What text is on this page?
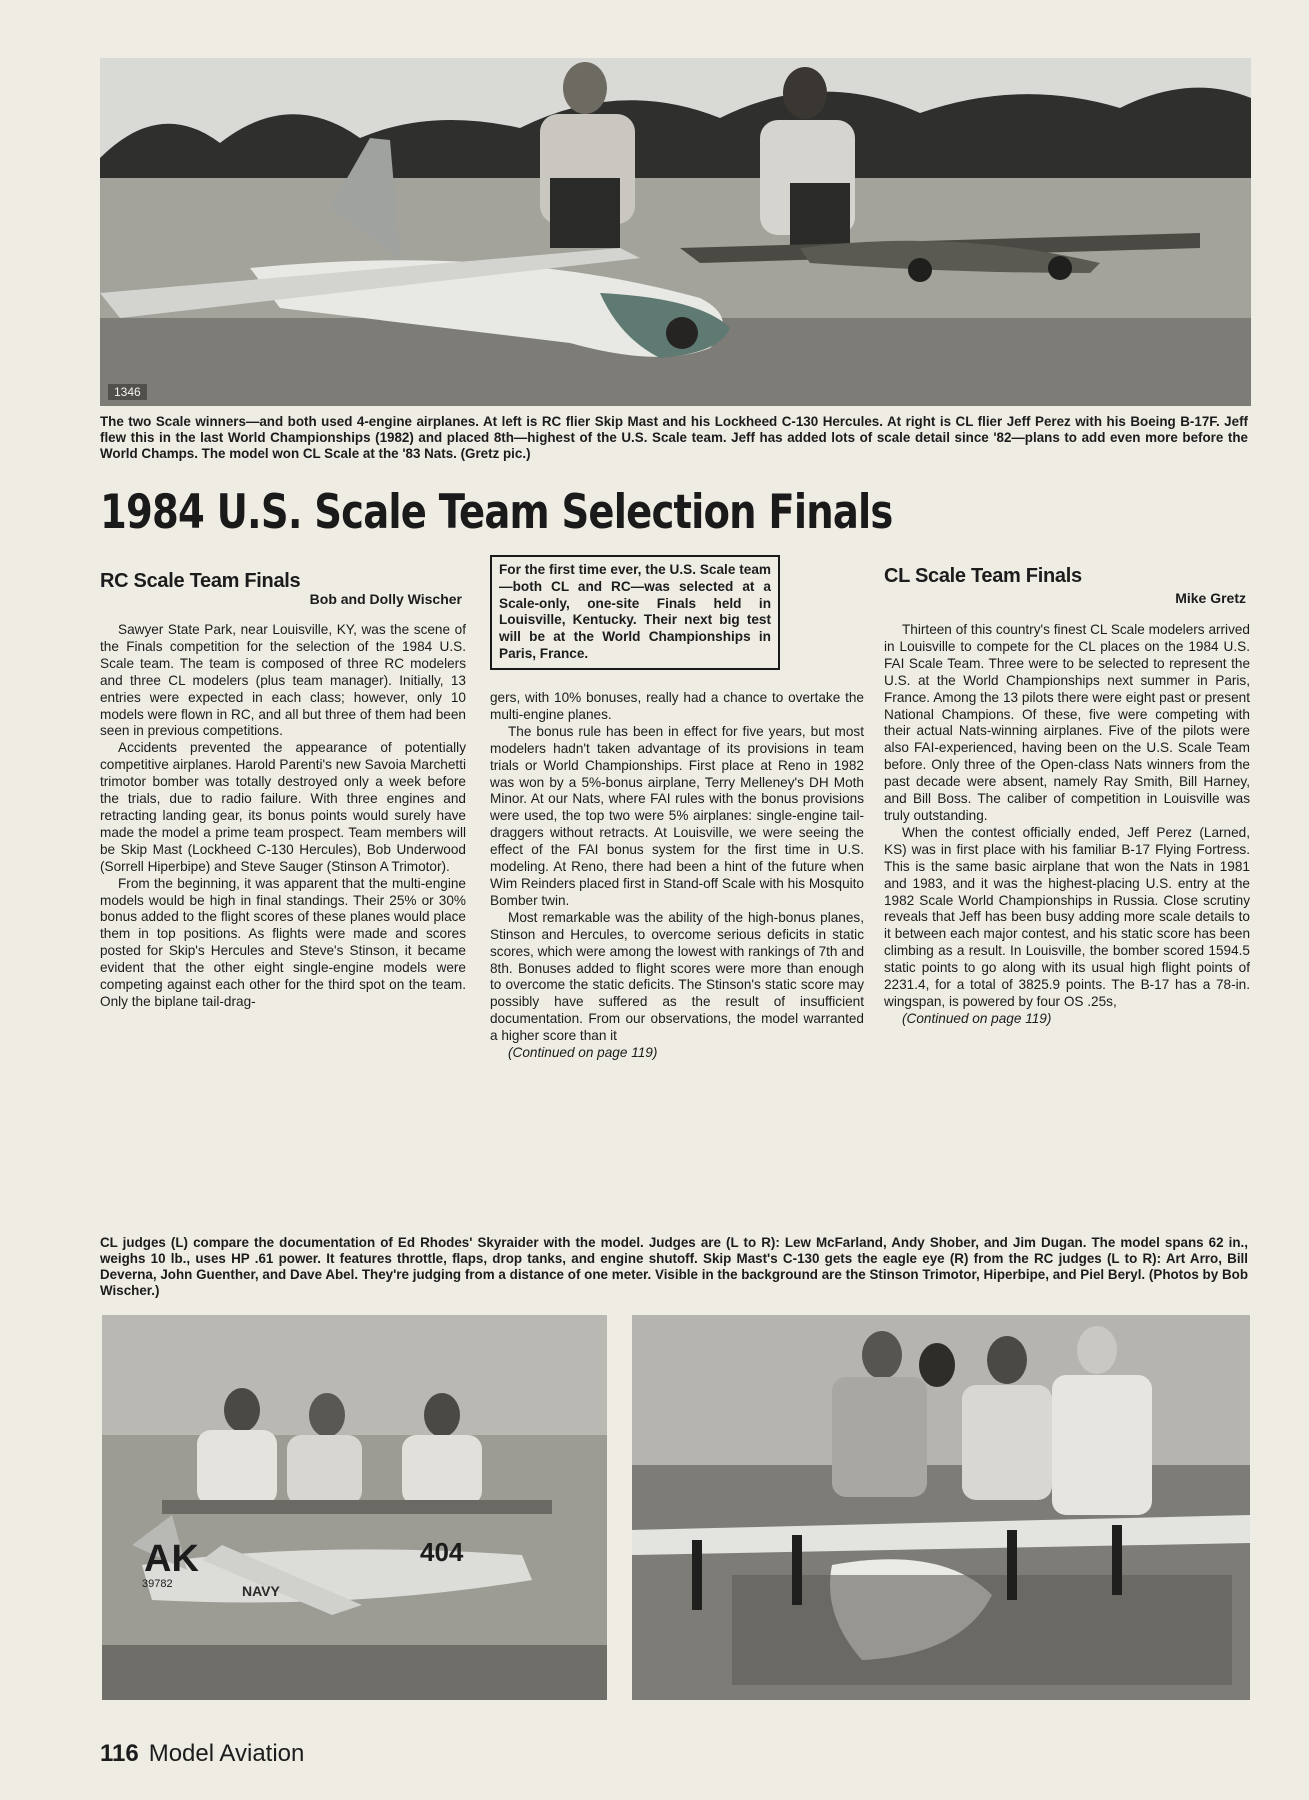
1346

The two Scale winners—and both used 4-engine airplanes. At left is RC flier Skip Mast and his Lockheed C-130 Hercules. At right is CL flier Jeff Perez with his Boeing B-17F. Jeff flew this in the last World Championships (1982) and placed 8th—highest of the U.S. Scale team. Jeff has added lots of scale detail since '82—plans to add even more before the World Champs. The model won CL Scale at the '83 Nats. (Gretz pic.)

1984 U.S. Scale Team Selection Finals
RC Scale Team Finals

Bob and Dolly Wischer

Sawyer State Park, near Louisville, KY, was the scene of the Finals competition for the selection of the 1984 U.S. Scale team. The team is composed of three RC modelers and three CL modelers (plus team manager). Initially, 13 entries were expected in each class; however, only 10 models were flown in RC, and all but three of them had been seen in previous competitions.

Accidents prevented the appearance of potentially competitive airplanes. Harold Parenti's new Savoia Marchetti trimotor bomber was totally destroyed only a week before the trials, due to radio failure. With three engines and retracting landing gear, its bonus points would surely have made the model a prime team prospect. Team members will be Skip Mast (Lockheed C-130 Hercules), Bob Underwood (Sorrell Hiperbipe) and Steve Sauger (Stinson A Trimotor).

From the beginning, it was apparent that the multi-engine models would be high in final standings. Their 25% or 30% bonus added to the flight scores of these planes would place them in top positions. As flights were made and scores posted for Skip's Hercules and Steve's Stinson, it became evident that the other eight single-engine models were competing against each other for the third spot on the team. Only the biplane tail-drag-

For the first time ever, the U.S. Scale team—both CL and RC—was selected at a Scale-only, one-site Finals held in Louisville, Kentucky. Their next big test will be at the World Championships in Paris, France.

gers, with 10% bonuses, really had a chance to overtake the multi-engine planes.

The bonus rule has been in effect for five years, but most modelers hadn't taken advantage of its provisions in team trials or World Championships. First place at Reno in 1982 was won by a 5%-bonus airplane, Terry Melleney's DH Moth Minor. At our Nats, where FAI rules with the bonus provisions were used, the top two were 5% airplanes: single-engine tail-draggers without retracts. At Louisville, we were seeing the effect of the FAI bonus system for the first time in U.S. modeling. At Reno, there had been a hint of the future when Wim Reinders placed first in Stand-off Scale with his Mosquito Bomber twin.

Most remarkable was the ability of the high-bonus planes, Stinson and Hercules, to overcome serious deficits in static scores, which were among the lowest with rankings of 7th and 8th. Bonuses added to flight scores were more than enough to overcome the static deficits. The Stinson's static score may possibly have suffered as the result of insufficient documentation. From our observations, the model warranted a higher score than it

(Continued on page 119)

CL Scale Team Finals

Mike Gretz

Thirteen of this country's finest CL Scale modelers arrived in Louisville to compete for the CL places on the 1984 U.S. FAI Scale Team. Three were to be selected to represent the U.S. at the World Championships next summer in Paris, France. Among the 13 pilots there were eight past or present National Champions. Of these, five were competing with their actual Nats-winning airplanes. Five of the pilots were also FAI-experienced, having been on the U.S. Scale Team before. Only three of the Open-class Nats winners from the past decade were absent, namely Ray Smith, Bill Harney, and Bill Boss. The caliber of competition in Louisville was truly outstanding.

When the contest officially ended, Jeff Perez (Larned, KS) was in first place with his familiar B-17 Flying Fortress. This is the same basic airplane that won the Nats in 1981 and 1983, and it was the highest-placing U.S. entry at the 1982 Scale World Championships in Russia. Close scrutiny reveals that Jeff has been busy adding more scale details to it between each major contest, and his static score has been climbing as a result. In Louisville, the bomber scored 1594.5 static points to go along with its usual high flight points of 2231.4, for a total of 3825.9 points. The B-17 has a 78-in. wingspan, is powered by four OS .25s,

(Continued on page 119)

CL judges (L) compare the documentation of Ed Rhodes' Skyraider with the model. Judges are (L to R): Lew McFarland, Andy Shober, and Jim Dugan. The model spans 62 in., weighs 10 lb., uses HP .61 power. It features throttle, flaps, drop tanks, and engine shutoff. Skip Mast's C-130 gets the eagle eye (R) from the RC judges (L to R): Art Arro, Bill Deverna, John Guenther, and Dave Abel. They're judging from a distance of one meter. Visible in the background are the Stinson Trimotor, Hiperbipe, and Piel Beryl. (Photos by Bob Wischer.)

AK
39782	NAVY
404

116 Model Aviation
